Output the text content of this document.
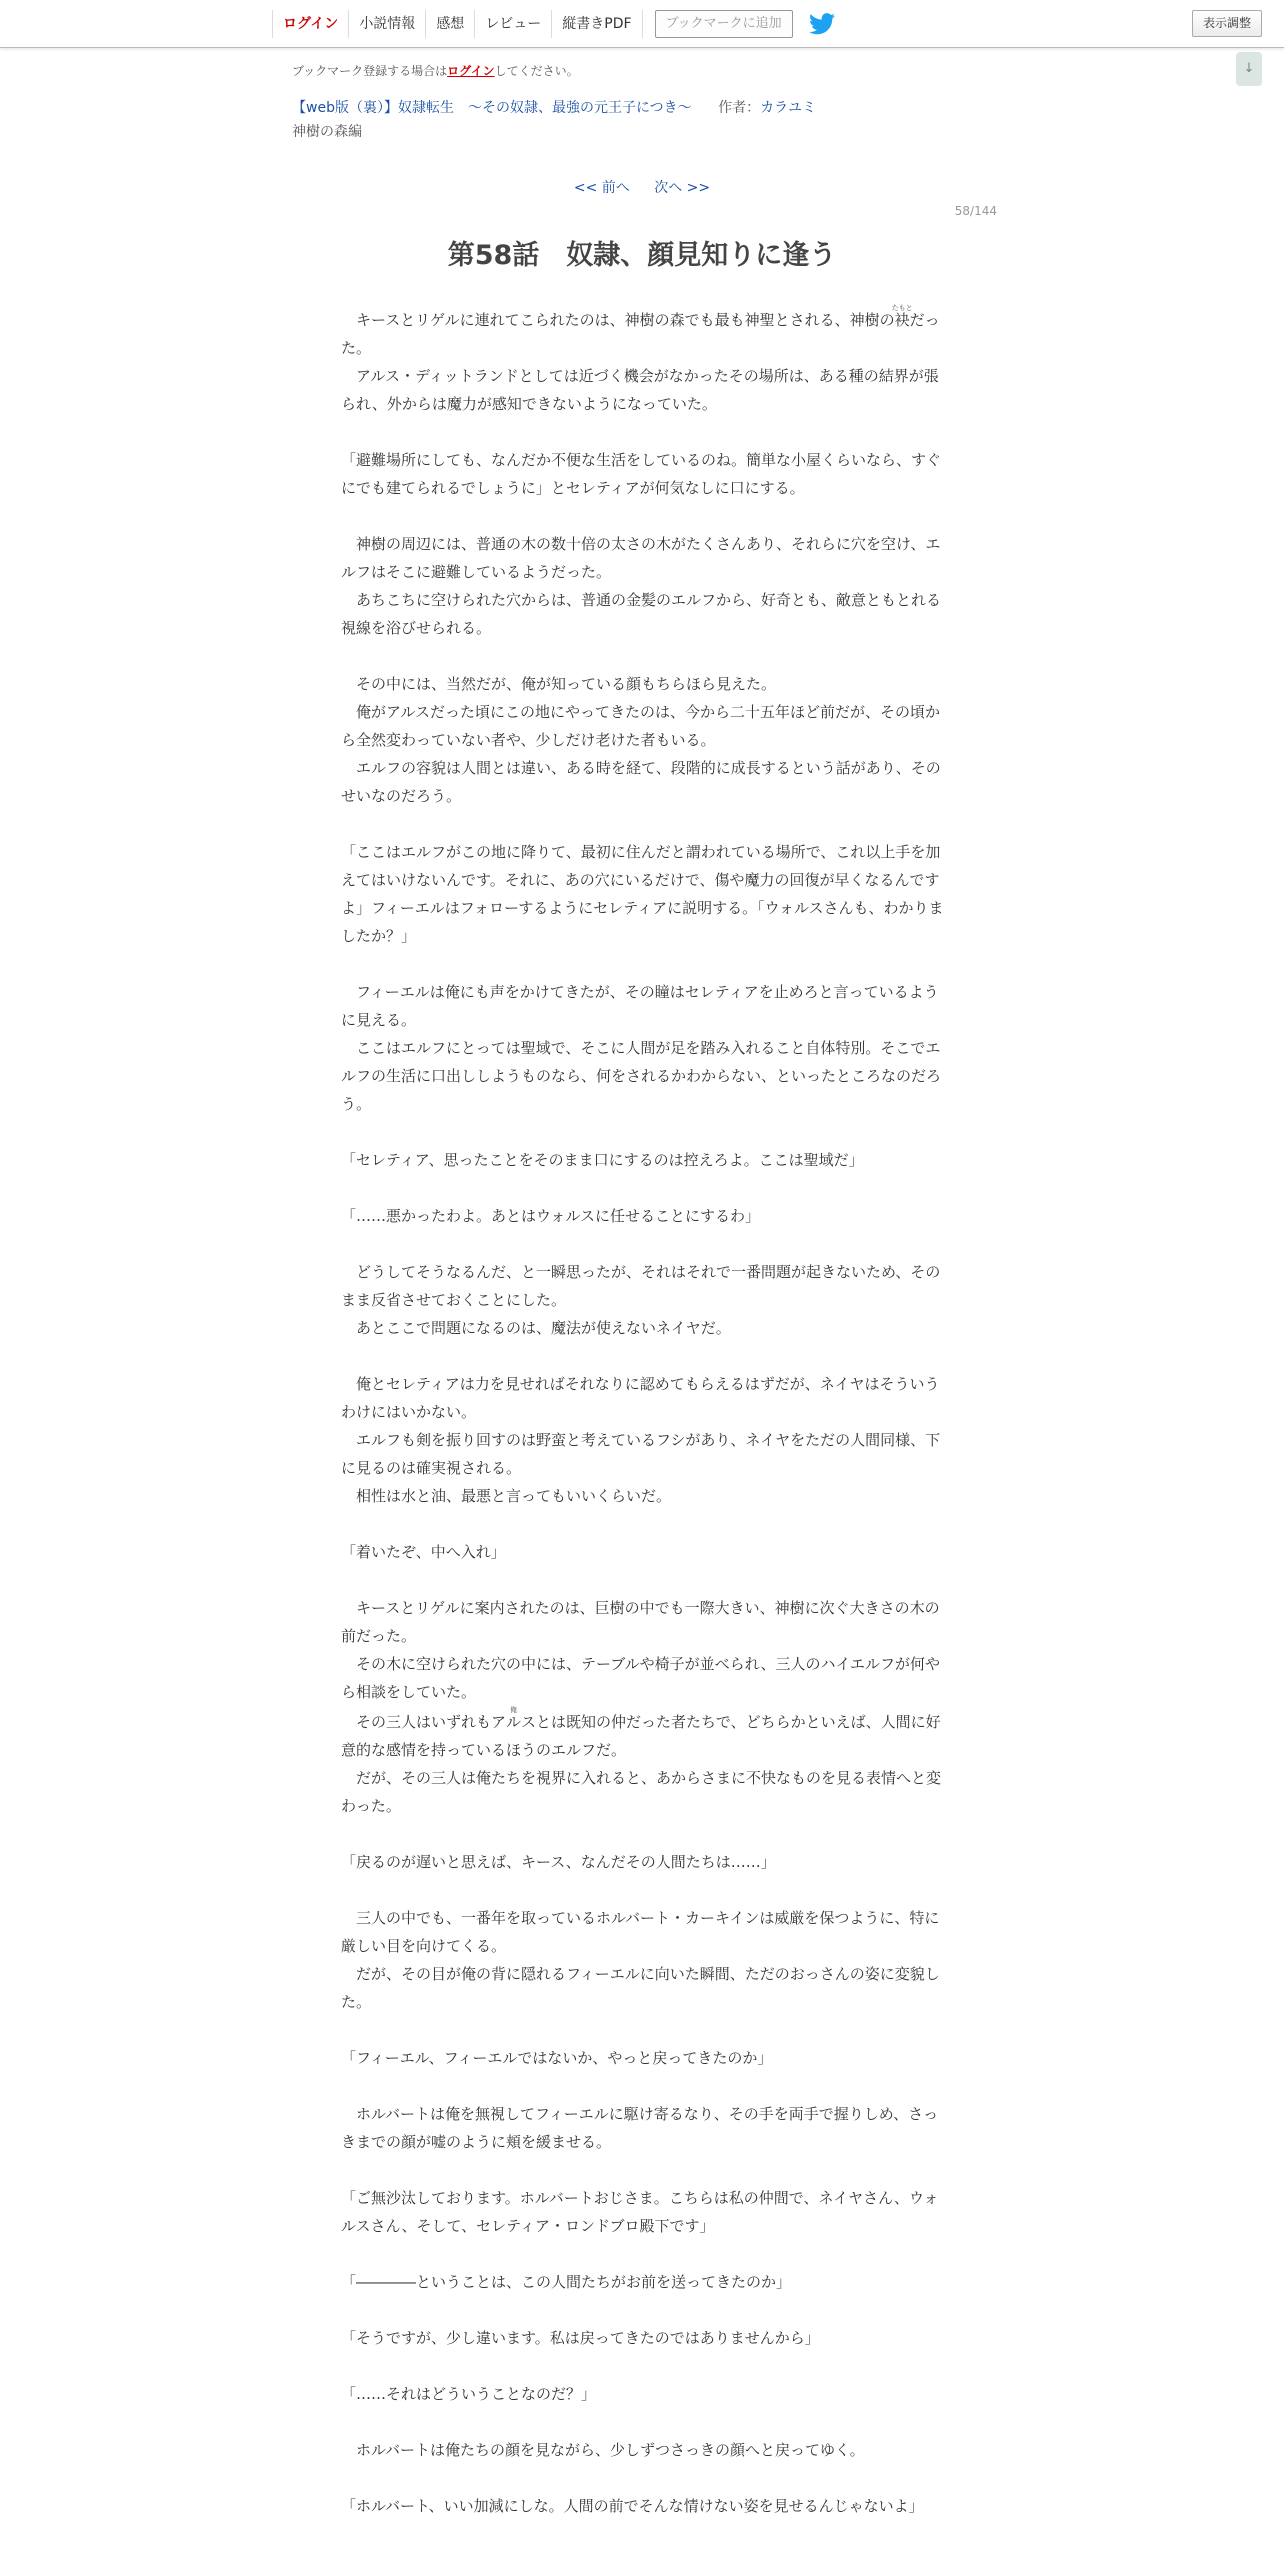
ログイン	小説情報	感想	レビュー	縦書きPDF	ブックマークに追加	表示調整
↓
ブックマーク登録する場合はログインしてください。
【web版（裏）】奴隷転生　～その奴隷、最強の元王子につき～ 作者：カラユミ
神樹の森編
<< 前へ 次へ >>
58/144
第58話　奴隷、顔見知りに逢う

　キースとリゲルに連れてこられたのは、神樹の森でも最も神聖とされる、神樹の袂たもとだった。

　アルス・ディットランドとしては近づく機会がなかったその場所は、ある種の結界が張られ、外からは魔力が感知できないようになっていた。

「避難場所にしても、なんだか不便な生活をしているのね。簡単な小屋くらいなら、すぐにでも建てられるでしょうに」とセレティアが何気なしに口にする。

　神樹の周辺には、普通の木の数十倍の太さの木がたくさんあり、それらに穴を空け、エルフはそこに避難しているようだった。

　あちこちに空けられた穴からは、普通の金髪のエルフから、好奇とも、敵意ともとれる視線を浴びせられる。

　その中には、当然だが、俺が知っている顔もちらほら見えた。

　俺がアルスだった頃にこの地にやってきたのは、今から二十五年ほど前だが、その頃から全然変わっていない者や、少しだけ老けた者もいる。

　エルフの容貌は人間とは違い、ある時を経て、段階的に成長するという話があり、そのせいなのだろう。

「ここはエルフがこの地に降りて、最初に住んだと謂われている場所で、これ以上手を加えてはいけないんです。それに、あの穴にいるだけで、傷や魔力の回復が早くなるんですよ」フィーエルはフォローするようにセレティアに説明する。「ウォルスさんも、わかりましたか？」

　フィーエルは俺にも声をかけてきたが、その瞳はセレティアを止めろと言っているように見える。

　ここはエルフにとっては聖域で、そこに人間が足を踏み入れること自体特別。そこでエルフの生活に口出ししようものなら、何をされるかわからない、といったところなのだろう。

「セレティア、思ったことをそのまま口にするのは控えろよ。ここは聖域だ」

「……悪かったわよ。あとはウォルスに任せることにするわ」

　どうしてそうなるんだ、と一瞬思ったが、それはそれで一番問題が起きないため、そのまま反省させておくことにした。

　あとここで問題になるのは、魔法が使えないネイヤだ。

　俺とセレティアは力を見せればそれなりに認めてもらえるはずだが、ネイヤはそういうわけにはいかない。

　エルフも剣を振り回すのは野蛮と考えているフシがあり、ネイヤをただの人間同様、下に見るのは確実視される。

　相性は水と油、最悪と言ってもいいくらいだ。

「着いたぞ、中へ入れ」

　キースとリゲルに案内されたのは、巨樹の中でも一際大きい、神樹に次ぐ大きさの木の前だった。

　その木に空けられた穴の中には、テーブルや椅子が並べられ、三人のハイエルフが何やら相談をしていた。

　その三人はいずれもアル俺スとは既知の仲だった者たちで、どちらかといえば、人間に好意的な感情を持っているほうのエルフだ。

　だが、その三人は俺たちを視界に入れると、あからさまに不快なものを見る表情へと変わった。

「戻るのが遅いと思えば、キース、なんだその人間たちは……」

　三人の中でも、一番年を取っているホルバート・カーキインは威厳を保つように、特に厳しい目を向けてくる。

　だが、その目が俺の背に隠れるフィーエルに向いた瞬間、ただのおっさんの姿に変貌した。

「フィーエル、フィーエルではないか、やっと戻ってきたのか」

　ホルバートは俺を無視してフィーエルに駆け寄るなり、その手を両手で握りしめ、さっきまでの顔が嘘のように頬を緩ませる。

「ご無沙汰しております。ホルバートおじさま。こちらは私の仲間で、ネイヤさん、ウォルスさん、そして、セレティア・ロンドブロ殿下です」

「――――ということは、この人間たちがお前を送ってきたのか」

「そうですが、少し違います。私は戻ってきたのではありませんから」

「……それはどういうことなのだ？」

　ホルバートは俺たちの顔を見ながら、少しずつさっきの顔へと戻ってゆく。

「ホルバート、いい加減にしな。人間の前でそんな情けない姿を見せるんじゃないよ」
